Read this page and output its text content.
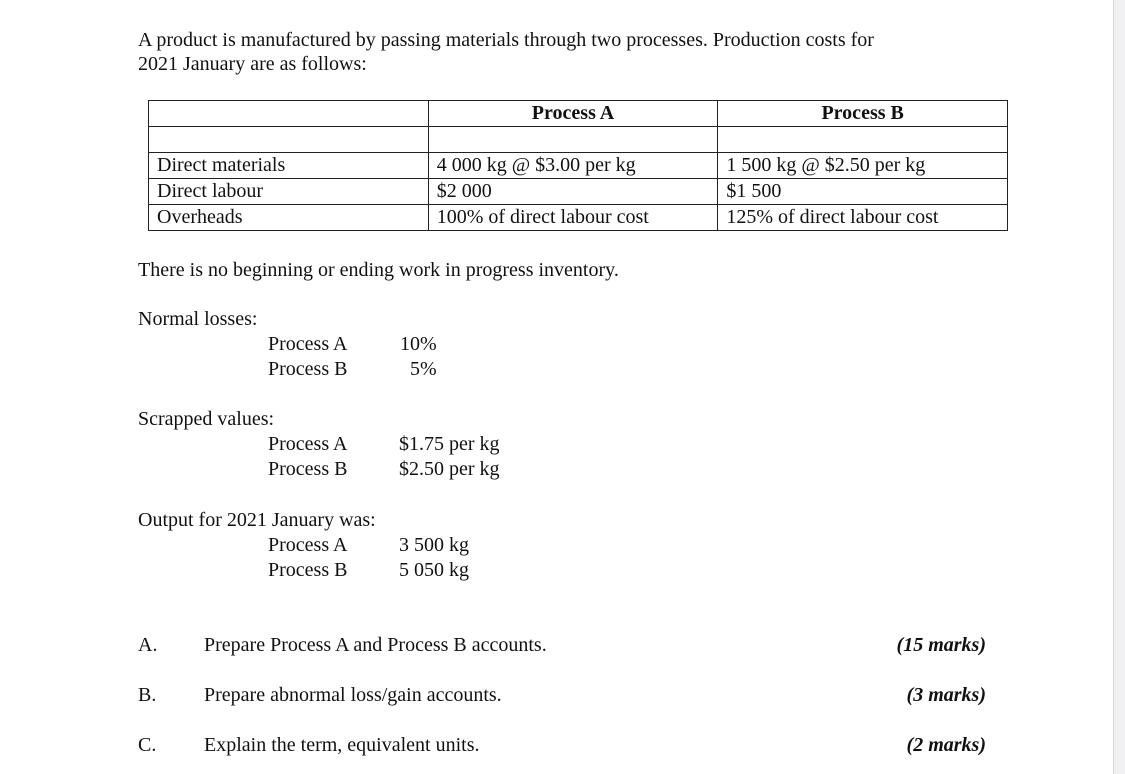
A product is manufactured by passing materials through two processes. Production costs for
2021 January are as follows:
	Process A	Process B

Direct materials	4 000 kg @ $3.00 per kg	1 500 kg @ $2.50 per kg
Direct labour	$2 000	$1 500
Overheads	100% of direct labour cost	125% of direct labour cost
There is no beginning or ending work in progress inventory.
Normal losses:
Process A	10%
Process B	5%
Scrapped values:
Process A	$1.75 per kg
Process B	$2.50 per kg
Output for 2021 January was:
Process A	3 500 kg
Process B	5 050 kg
A. Prepare Process A and Process B accounts.	(15 marks)
B. Prepare abnormal loss/gain accounts.	(3 marks)
C. Explain the term, equivalent units.	(2 marks)
